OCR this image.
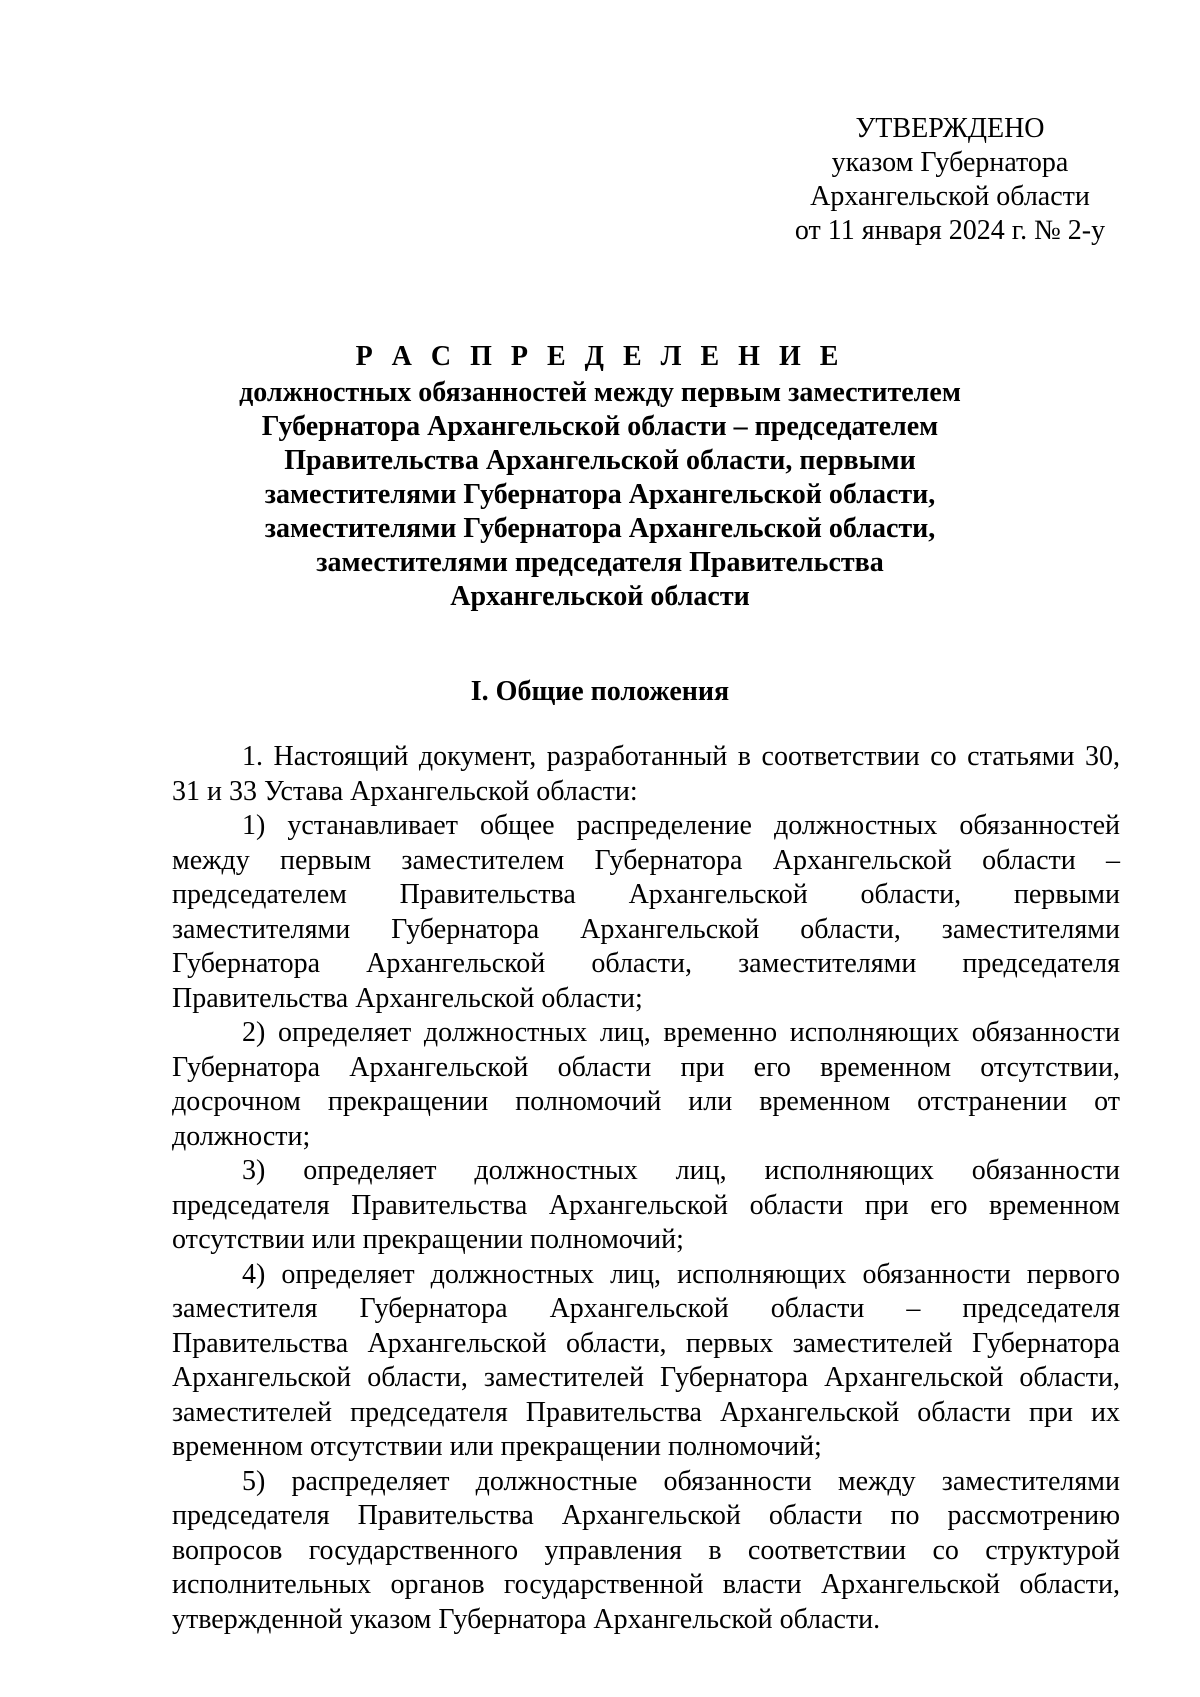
УТВЕРЖДЕНО
указом Губернатора
Архангельской области
от 11 января 2024 г. № 2-у
Р А С П Р Е Д Е Л Е Н И Е
должностных обязанностей между первым заместителем
Губернатора Архангельской области – председателем
Правительства Архангельской области, первыми
заместителями Губернатора Архангельской области,
заместителями Губернатора Архангельской области,
заместителями председателя Правительства
Архангельской области
I. Общие положения

1. Настоящий документ, разработанный в соответствии со статьями 30, 31 и 33 Устава Архангельской области:

1) устанавливает общее распределение должностных обязанностей между первым заместителем Губернатора Архангельской области – председателем Правительства Архангельской области, первыми заместителями Губернатора Архангельской области, заместителями Губернатора Архангельской области, заместителями председателя Правительства Архангельской области;

2) определяет должностных лиц, временно исполняющих обязанности Губернатора Архангельской области при его временном отсутствии, досрочном прекращении полномочий или временном отстранении от должности;

3) определяет должностных лиц, исполняющих обязанности председателя Правительства Архангельской области при его временном отсутствии или прекращении полномочий;

4) определяет должностных лиц, исполняющих обязанности первого заместителя Губернатора Архангельской области – председателя Правительства Архангельской области, первых заместителей Губернатора Архангельской области, заместителей Губернатора Архангельской области, заместителей председателя Правительства Архангельской области при их временном отсутствии или прекращении полномочий;

5) распределяет должностные обязанности между заместителями председателя Правительства Архангельской области по рассмотрению вопросов государственного управления в соответствии со структурой исполнительных органов государственной власти Архангельской области, утвержденной указом Губернатора Архангельской области.
